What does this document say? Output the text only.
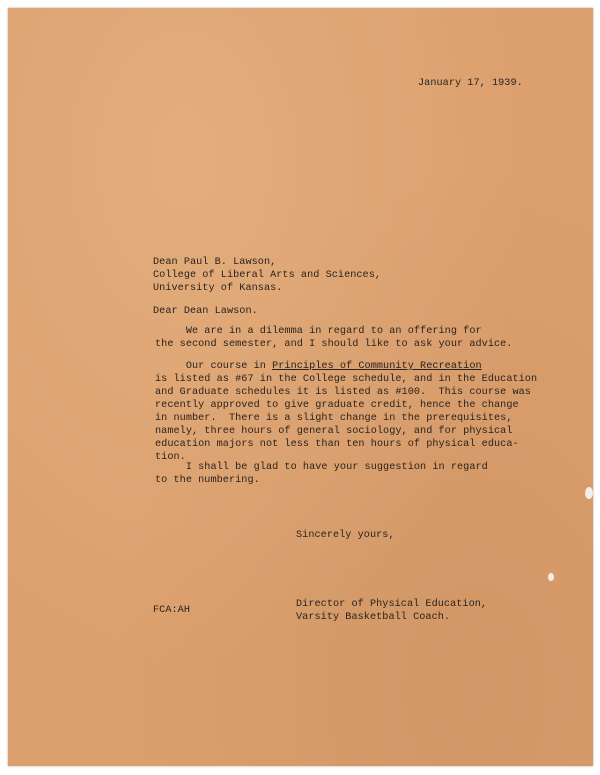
January 17, 1939.
Dean Paul B. Lawson,
College of Liberal Arts and Sciences,
University of Kansas.
Dear Dean Lawson.
We are in a dilemma in regard to an offering for
the second semester, and I should like to ask your advice.
Our course in Principles of Community Recreation
is listed as #67 in the College schedule, and in the Education
and Graduate schedules it is listed as #100.  This course was
recently approved to give graduate credit, hence the change
in number.  There is a slight change in the prerequisites,
namely, three hours of general sociology, and for physical
education majors not less than ten hours of physical educa-
tion.
I shall be glad to have your suggestion in regard
to the numbering.
Sincerely yours,
Director of Physical Education,
Varsity Basketball Coach.
FCA:AH
